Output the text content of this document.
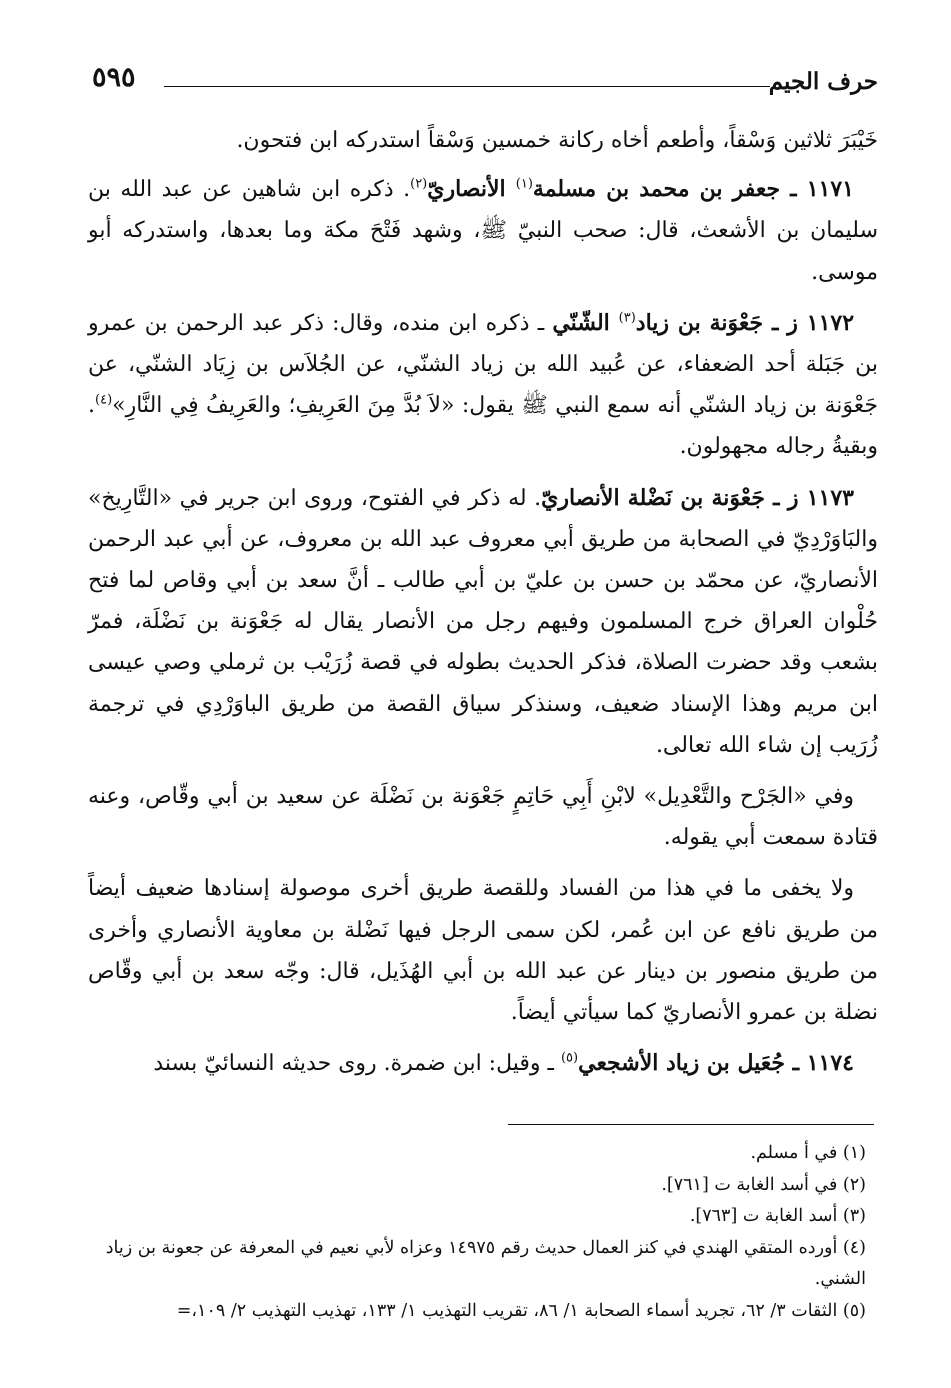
٥٩٥	حرف الجيم

خَيْبَرَ ثلاثين وَسْقاً، وأطعم أخاه ركانة خمسين وَسْقاً استدركه ابن فتحون.

١١٧١ ـ جعفر بن محمد بن مسلمة$^{(١)}$ الأنصاريّ$^{(٢)}$. ذكره ابن شاهين عن عبد الله بن سليمان بن الأشعث، قال: صحب النبيّ ﷺ، وشهد فَتْحَ مكة وما بعدها، واستدركه أبو موسى.

١١٧٢ ز ـ جَعْوَنة بن زياد$^{(٣)}$ الشّنّي ـ ذكره ابن منده، وقال: ذكر عبد الرحمن بن عمرو بن جَبَلة أحد الضعفاء، عن عُبيد الله بن زياد الشنّي، عن الجُلاَس بن زِيَاد الشنّي، عن جَعْوَنة بن زياد الشنّي أنه سمع النبي ﷺ يقول: «لاَ بُدَّ مِنَ العَرِيفِ؛ والعَرِيفُ فِي النَّارِ»$^{(٤)}$. وبقيةُ رجاله مجهولون.

١١٧٣ ز ـ جَعْوَنة بن نَضْلة الأنصاريّ. له ذكر في الفتوح، وروى ابن جرير في «التَّارِيخ» والبَاوَرْدِيّ في الصحابة من طريق أبي معروف عبد الله بن معروف، عن أبي عبد الرحمن الأنصاريّ، عن محمّد بن حسن بن عليّ بن أبي طالب ـ أنَّ سعد بن أبي وقاص لما فتح حُلْوان العراق خرج المسلمون وفيهم رجل من الأنصار يقال له جَعْوَنة بن نَضْلَة، فمرّ بشعب وقد حضرت الصلاة، فذكر الحديث بطوله في قصة زُرَيْب بن ثرملي وصي عيسى ابن مريم وهذا الإسناد ضعيف، وسنذكر سياق القصة من طريق الباوَرْدِي في ترجمة زُرَيب إن شاء الله تعالى.

وفي «الجَرْح والتَّعْدِيل» لابْنِ أَبِي حَاتِمٍ جَعْوَنة بن نَضْلَة عن سعيد بن أبي وقّاص، وعنه قتادة سمعت أبي يقوله.

ولا يخفى ما في هذا من الفساد وللقصة طريق أخرى موصولة إسنادها ضعيف أيضاً من طريق نافع عن ابن عُمر، لكن سمى الرجل فيها نَضْلة بن معاوية الأنصاري وأخرى من طريق منصور بن دينار عن عبد الله بن أبي الهُذَيل، قال: وجّه سعد بن أبي وقّاص نضلة بن عمرو الأنصاريّ كما سيأتي أيضاً.

١١٧٤ ـ جُعَيل بن زياد الأشجعي$^{(٥)}$ ـ وقيل: ابن ضمرة. روى حديثه النسائيّ بسند

(١) في أ مسلم.

(٢) في أسد الغابة ت [٧٦١].

(٣) أسد الغابة ت [٧٦٣].

(٤) أورده المتقي الهندي في كنز العمال حديث رقم ١٤٩٧٥ وعزاه لأبي نعيم في المعرفة عن جعونة بن زياد الشني.

(٥) الثقات ٣/ ٦٢، تجريد أسماء الصحابة ١/ ٨٦، تقريب التهذيب ١/ ١٣٣، تهذيب التهذيب ٢/ ١٠٩،=
